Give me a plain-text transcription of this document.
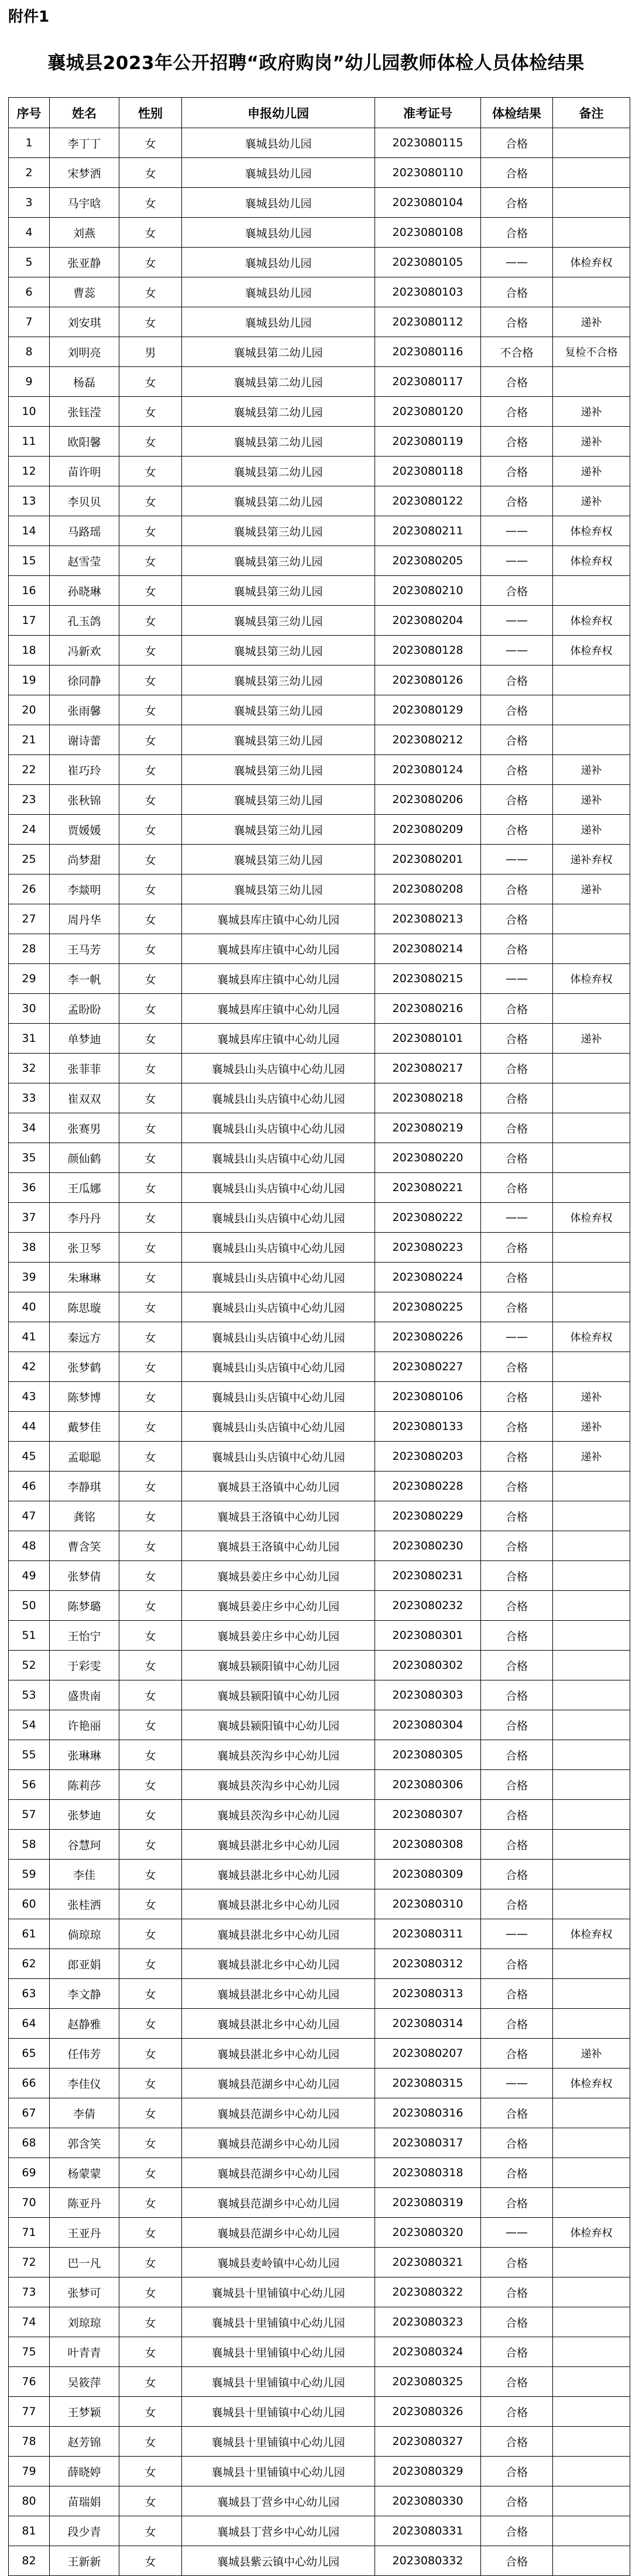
附件1
襄城县2023年公开招聘“政府购岗”幼儿园教师体检人员体检结果
序号	姓名	性别	申报幼儿园	准考证号	体检结果	备注
1	李丁丁	女	襄城县幼儿园	2023080115	合格	
2	宋梦洒	女	襄城县幼儿园	2023080110	合格	
3	马宇晗	女	襄城县幼儿园	2023080104	合格	
4	刘燕	女	襄城县幼儿园	2023080108	合格	
5	张亚静	女	襄城县幼儿园	2023080105	——	体检弃权
6	曹蕊	女	襄城县幼儿园	2023080103	合格	
7	刘安琪	女	襄城县幼儿园	2023080112	合格	递补
8	刘明亮	男	襄城县第二幼儿园	2023080116	不合格	复检不合格
9	杨磊	女	襄城县第二幼儿园	2023080117	合格	
10	张钰滢	女	襄城县第二幼儿园	2023080120	合格	递补
11	欧阳馨	女	襄城县第二幼儿园	2023080119	合格	递补
12	苗许明	女	襄城县第二幼儿园	2023080118	合格	递补
13	李贝贝	女	襄城县第二幼儿园	2023080122	合格	递补
14	马路瑶	女	襄城县第三幼儿园	2023080211	——	体检弃权
15	赵雪莹	女	襄城县第三幼儿园	2023080205	——	体检弃权
16	孙晓琳	女	襄城县第三幼儿园	2023080210	合格	
17	孔玉鸽	女	襄城县第三幼儿园	2023080204	——	体检弃权
18	冯新欢	女	襄城县第三幼儿园	2023080128	——	体检弃权
19	徐同静	女	襄城县第三幼儿园	2023080126	合格	
20	张雨馨	女	襄城县第三幼儿园	2023080129	合格	
21	谢诗蕾	女	襄城县第三幼儿园	2023080212	合格	
22	崔巧玲	女	襄城县第三幼儿园	2023080124	合格	递补
23	张秋锦	女	襄城县第三幼儿园	2023080206	合格	递补
24	贾媛媛	女	襄城县第三幼儿园	2023080209	合格	递补
25	尚梦甜	女	襄城县第三幼儿园	2023080201	——	递补弃权
26	李燚明	女	襄城县第三幼儿园	2023080208	合格	递补
27	周丹华	女	襄城县库庄镇中心幼儿园	2023080213	合格	
28	王马芳	女	襄城县库庄镇中心幼儿园	2023080214	合格	
29	李一帆	女	襄城县库庄镇中心幼儿园	2023080215	——	体检弃权
30	孟盼盼	女	襄城县库庄镇中心幼儿园	2023080216	合格	
31	单梦迪	女	襄城县库庄镇中心幼儿园	2023080101	合格	递补
32	张菲菲	女	襄城县山头店镇中心幼儿园	2023080217	合格	
33	崔双双	女	襄城县山头店镇中心幼儿园	2023080218	合格	
34	张赛男	女	襄城县山头店镇中心幼儿园	2023080219	合格	
35	颜仙鹤	女	襄城县山头店镇中心幼儿园	2023080220	合格	
36	王瓜娜	女	襄城县山头店镇中心幼儿园	2023080221	合格	
37	李丹丹	女	襄城县山头店镇中心幼儿园	2023080222	——	体检弃权
38	张卫琴	女	襄城县山头店镇中心幼儿园	2023080223	合格	
39	朱琳琳	女	襄城县山头店镇中心幼儿园	2023080224	合格	
40	陈思璇	女	襄城县山头店镇中心幼儿园	2023080225	合格	
41	秦远方	女	襄城县山头店镇中心幼儿园	2023080226	——	体检弃权
42	张梦鹤	女	襄城县山头店镇中心幼儿园	2023080227	合格	
43	陈梦博	女	襄城县山头店镇中心幼儿园	2023080106	合格	递补
44	戴梦佳	女	襄城县山头店镇中心幼儿园	2023080133	合格	递补
45	孟聪聪	女	襄城县山头店镇中心幼儿园	2023080203	合格	递补
46	李静琪	女	襄城县王洛镇中心幼儿园	2023080228	合格	
47	龚铭	女	襄城县王洛镇中心幼儿园	2023080229	合格	
48	曹含笑	女	襄城县王洛镇中心幼儿园	2023080230	合格	
49	张梦倩	女	襄城县姜庄乡中心幼儿园	2023080231	合格	
50	陈梦璐	女	襄城县姜庄乡中心幼儿园	2023080232	合格	
51	王怡宁	女	襄城县姜庄乡中心幼儿园	2023080301	合格	
52	于彩雯	女	襄城县颍阳镇中心幼儿园	2023080302	合格	
53	盛贵南	女	襄城县颍阳镇中心幼儿园	2023080303	合格	
54	许艳丽	女	襄城县颍阳镇中心幼儿园	2023080304	合格	
55	张琳琳	女	襄城县茨沟乡中心幼儿园	2023080305	合格	
56	陈莉莎	女	襄城县茨沟乡中心幼儿园	2023080306	合格	
57	张梦迪	女	襄城县茨沟乡中心幼儿园	2023080307	合格	
58	谷慧珂	女	襄城县湛北乡中心幼儿园	2023080308	合格	
59	李佳	女	襄城县湛北乡中心幼儿园	2023080309	合格	
60	张桂洒	女	襄城县湛北乡中心幼儿园	2023080310	合格	
61	倘琼琼	女	襄城县湛北乡中心幼儿园	2023080311	——	体检弃权
62	郎亚娟	女	襄城县湛北乡中心幼儿园	2023080312	合格	
63	李文静	女	襄城县湛北乡中心幼儿园	2023080313	合格	
64	赵静雅	女	襄城县湛北乡中心幼儿园	2023080314	合格	
65	任伟芳	女	襄城县湛北乡中心幼儿园	2023080207	合格	递补
66	李佳仪	女	襄城县范湖乡中心幼儿园	2023080315	——	体检弃权
67	李倩	女	襄城县范湖乡中心幼儿园	2023080316	合格	
68	郭含笑	女	襄城县范湖乡中心幼儿园	2023080317	合格	
69	杨蒙蒙	女	襄城县范湖乡中心幼儿园	2023080318	合格	
70	陈亚丹	女	襄城县范湖乡中心幼儿园	2023080319	合格	
71	王亚丹	女	襄城县范湖乡中心幼儿园	2023080320	——	体检弃权
72	巴一凡	女	襄城县麦岭镇中心幼儿园	2023080321	合格	
73	张梦可	女	襄城县十里铺镇中心幼儿园	2023080322	合格	
74	刘琼琼	女	襄城县十里铺镇中心幼儿园	2023080323	合格	
75	叶青青	女	襄城县十里铺镇中心幼儿园	2023080324	合格	
76	吴筱萍	女	襄城县十里铺镇中心幼儿园	2023080325	合格	
77	王梦颖	女	襄城县十里铺镇中心幼儿园	2023080326	合格	
78	赵芳锦	女	襄城县十里铺镇中心幼儿园	2023080327	合格	
79	薛晓婷	女	襄城县十里铺镇中心幼儿园	2023080329	合格	
80	苗瑞娟	女	襄城县丁营乡中心幼儿园	2023080330	合格	
81	段少青	女	襄城县丁营乡中心幼儿园	2023080331	合格	
82	王新新	女	襄城县紫云镇中心幼儿园	2023080332	合格	
